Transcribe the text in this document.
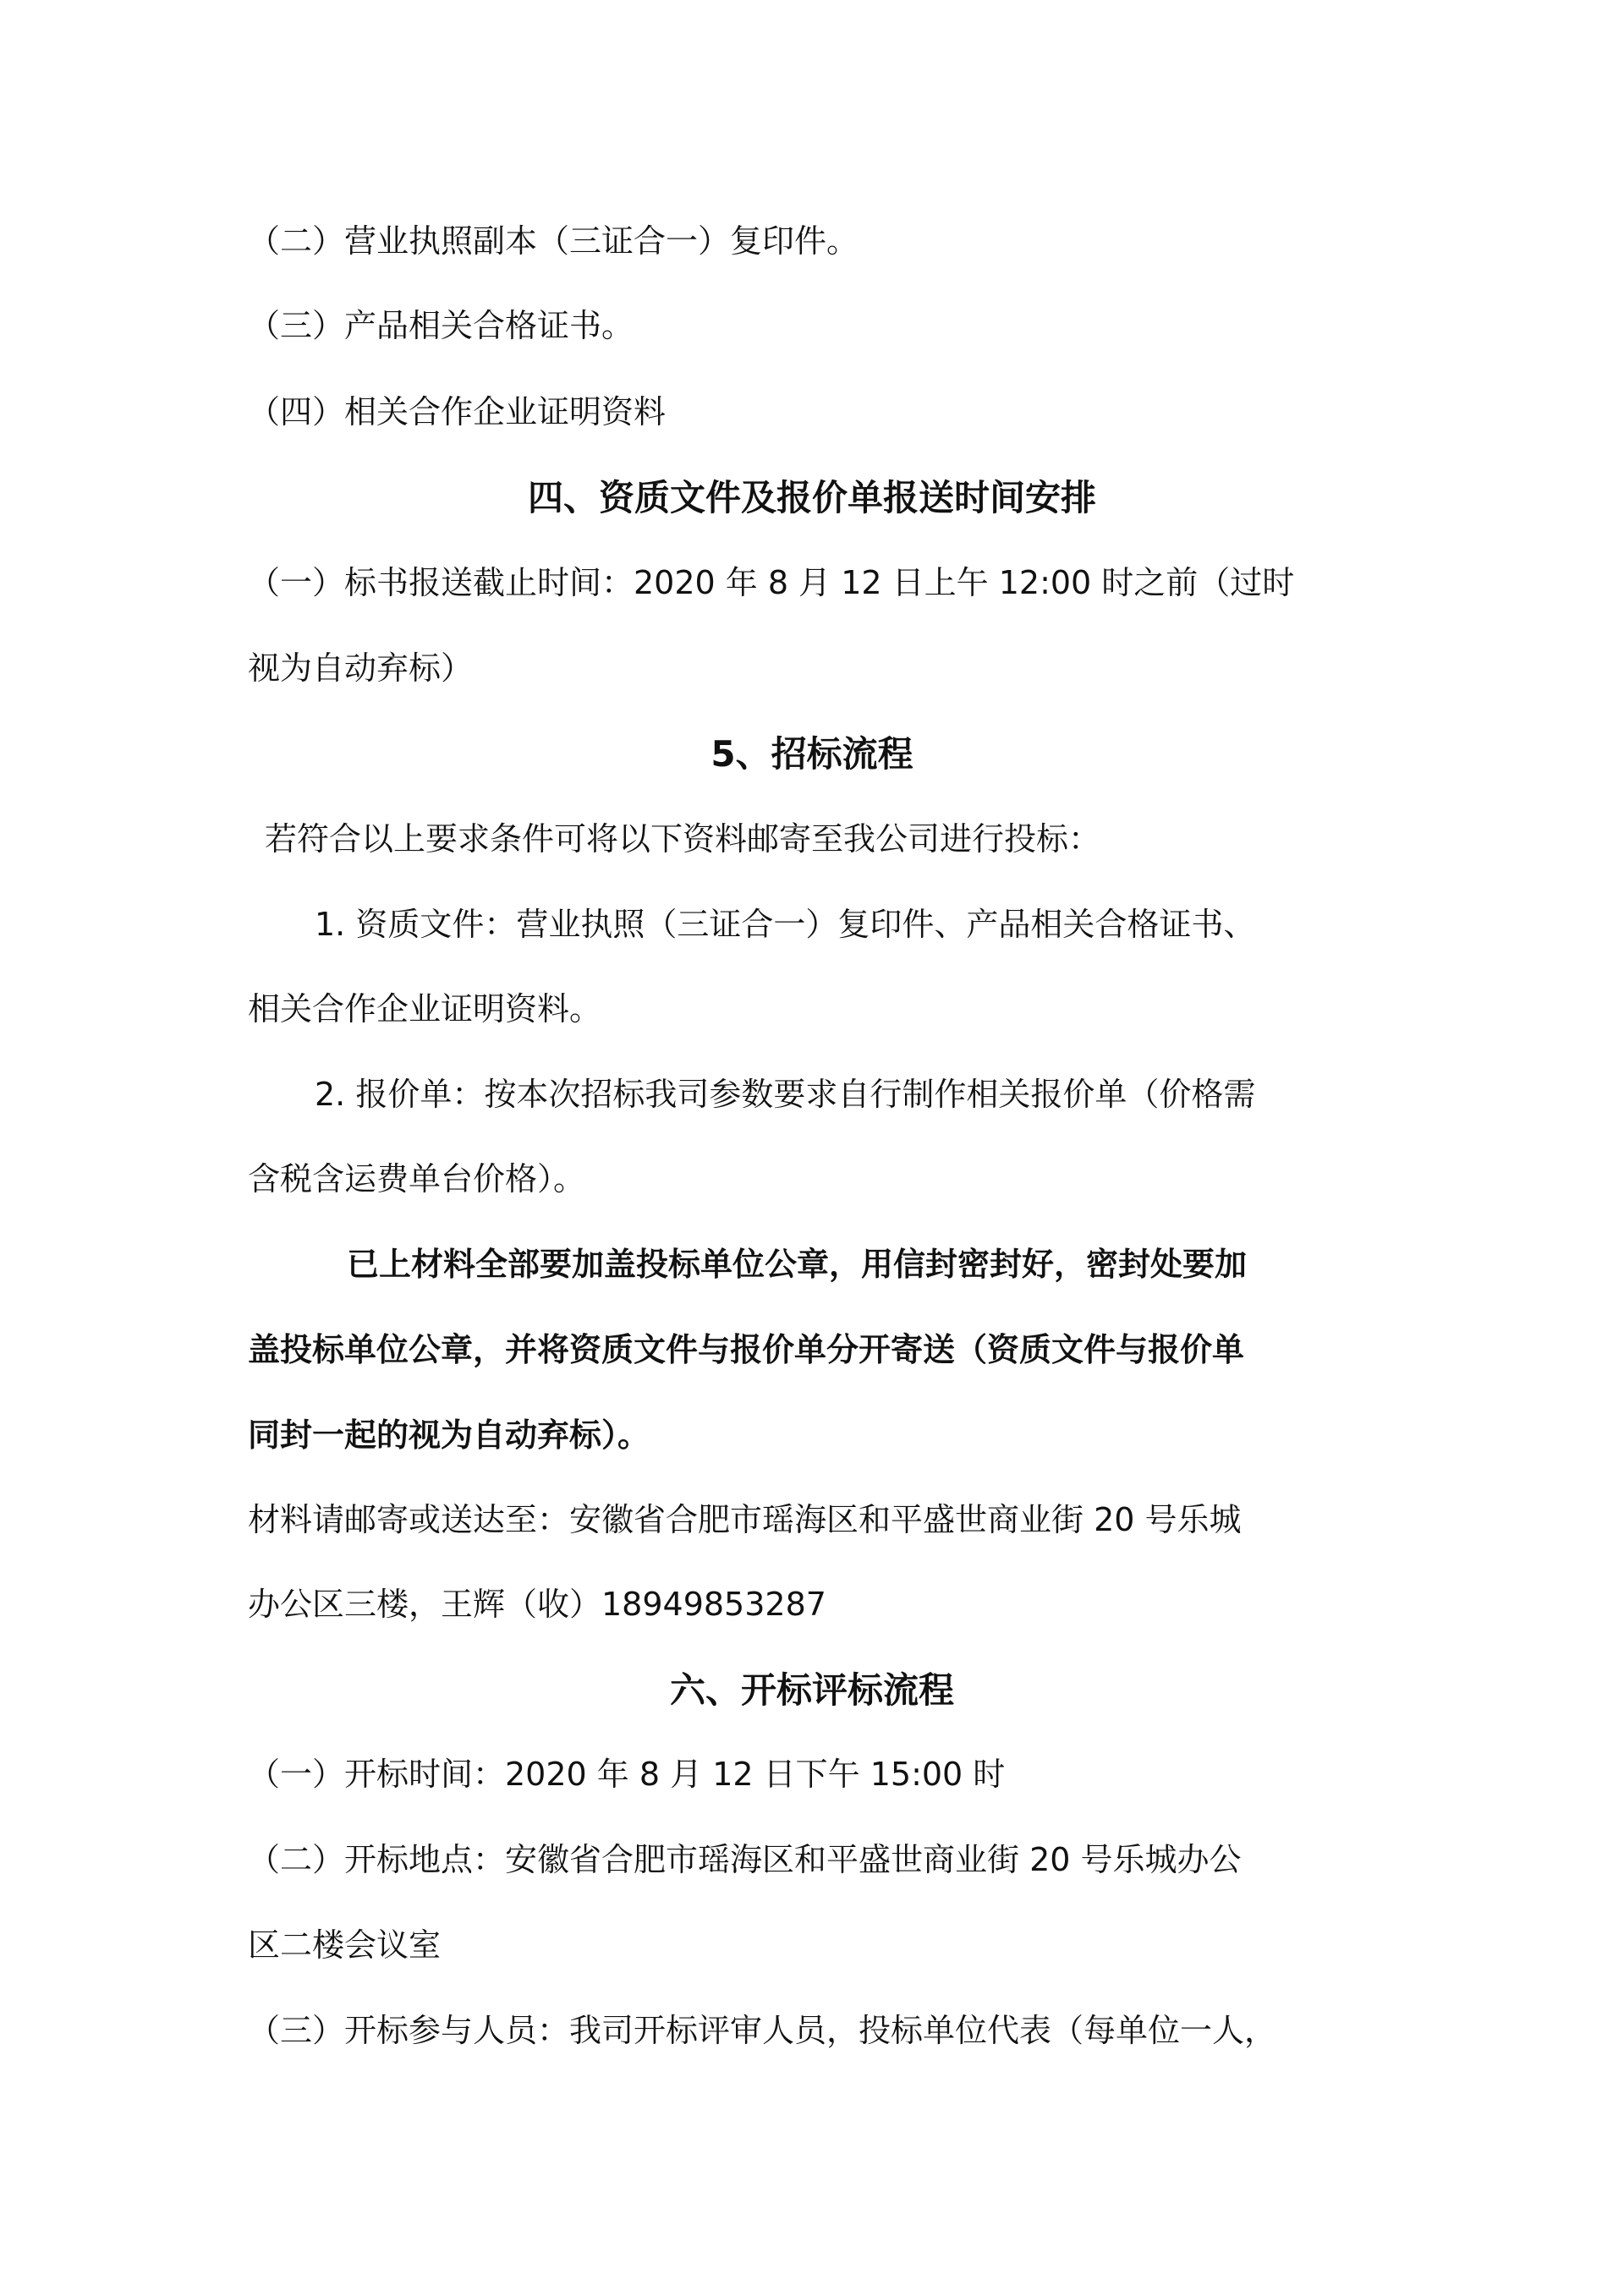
（二）营业执照副本（三证合一）复印件。
（三）产品相关合格证书。
（四）相关合作企业证明资料
四、资质文件及报价单报送时间安排
（一）标书报送截止时间：2020 年 8 月 12 日上午 12:00 时之前（过时
视为自动弃标）
5、招标流程
若符合以上要求条件可将以下资料邮寄至我公司进行投标：
1. 资质文件：营业执照（三证合一）复印件、产品相关合格证书、
相关合作企业证明资料。
2. 报价单：按本次招标我司参数要求自行制作相关报价单（价格需
含税含运费单台价格）。
已上材料全部要加盖投标单位公章，用信封密封好，密封处要加
盖投标单位公章，并将资质文件与报价单分开寄送（资质文件与报价单
同封一起的视为自动弃标）。
材料请邮寄或送达至：安徽省合肥市瑶海区和平盛世商业街 20 号乐城
办公区三楼，王辉（收）18949853287
六、开标评标流程
（一）开标时间：2020 年 8 月 12 日下午 15:00 时
（二）开标地点：安徽省合肥市瑶海区和平盛世商业街 20 号乐城办公
区二楼会议室
（三）开标参与人员：我司开标评审人员，投标单位代表（每单位一人，
